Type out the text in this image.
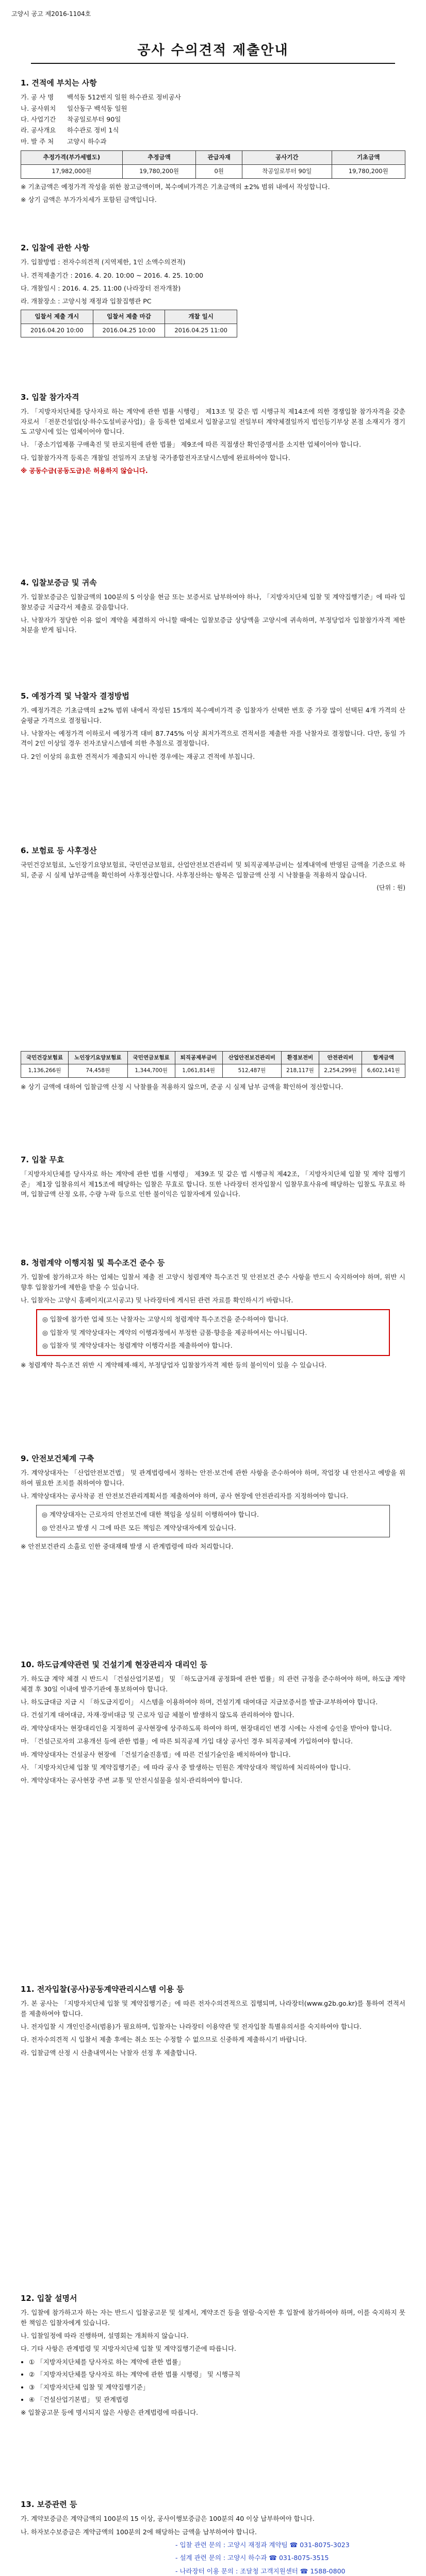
고양시 공고 제2016-1104호
공사 수의견적 제출안내
1. 견적에 부치는 사항
가. 공 사 명	백석동 512번지 일원 하수관로 정비공사
나. 공사위치	일산동구 백석동 일원
다. 사업기간	착공일로부터 90일
라. 공사개요	하수관로 정비 1식
마. 발 주 처	고양시 하수과
추정가격(부가세별도)	추정금액	관급자재	공사기간	기초금액
17,982,000원	19,780,200원	0원	착공일로부터 90일	19,780,200원

※ 기초금액은 예정가격 작성을 위한 참고금액이며, 복수예비가격은 기초금액의 ±2% 범위 내에서 작성합니다.

※ 상기 금액은 부가가치세가 포함된 금액입니다.

2. 입찰에 관한 사항

가. 입찰방법 : 전자수의견적 (지역제한, 1인 소액수의견적)

나. 견적제출기간 : 2016. 4. 20. 10:00 ~ 2016. 4. 25. 10:00

다. 개찰일시 : 2016. 4. 25. 11:00 (나라장터 전자개찰)

라. 개찰장소 : 고양시청 재정과 입찰집행관 PC

입찰서 제출 개시	입찰서 제출 마감	개찰 일시
2016.04.20 10:00	2016.04.25 10:00	2016.04.25 11:00
3. 입찰 참가자격

가. 「지방자치단체를 당사자로 하는 계약에 관한 법률 시행령」 제13조 및 같은 법 시행규칙 제14조에 의한 경쟁입찰 참가자격을 갖춘 자로서 「전문건설업(상·하수도설비공사업)」을 등록한 업체로서 입찰공고일 전일부터 계약체결일까지 법인등기부상 본점 소재지가 경기도 고양시에 있는 업체이어야 합니다.

나. 「중소기업제품 구매촉진 및 판로지원에 관한 법률」 제9조에 따른 직접생산 확인증명서를 소지한 업체이어야 합니다.

다. 입찰참가자격 등록은 개찰일 전일까지 조달청 국가종합전자조달시스템에 완료하여야 합니다.

※ 공동수급(공동도급)은 허용하지 않습니다.

4. 입찰보증금 및 귀속

가. 입찰보증금은 입찰금액의 100분의 5 이상을 현금 또는 보증서로 납부하여야 하나, 「지방자치단체 입찰 및 계약집행기준」에 따라 입찰보증금 지급각서 제출로 갈음합니다.

나. 낙찰자가 정당한 이유 없이 계약을 체결하지 아니할 때에는 입찰보증금 상당액을 고양시에 귀속하며, 부정당업자 입찰참가자격 제한 처분을 받게 됩니다.

5. 예정가격 및 낙찰자 결정방법

가. 예정가격은 기초금액의 ±2% 범위 내에서 작성된 15개의 복수예비가격 중 입찰자가 선택한 번호 중 가장 많이 선택된 4개 가격의 산술평균 가격으로 결정됩니다.

나. 낙찰자는 예정가격 이하로서 예정가격 대비 87.745% 이상 최저가격으로 견적서를 제출한 자를 낙찰자로 결정합니다. 다만, 동일 가격이 2인 이상일 경우 전자조달시스템에 의한 추첨으로 결정합니다.

다. 2인 이상의 유효한 견적서가 제출되지 아니한 경우에는 재공고 견적에 부칩니다.

6. 보험료 등 사후정산

국민건강보험료, 노인장기요양보험료, 국민연금보험료, 산업안전보건관리비 및 퇴직공제부금비는 설계내역에 반영된 금액을 기준으로 하되, 준공 시 실제 납부금액을 확인하여 사후정산합니다. 사후정산하는 항목은 입찰금액 산정 시 낙찰률을 적용하지 않습니다.

(단위 : 원)
국민건강보험료	노인장기요양보험료	국민연금보험료	퇴직공제부금비	산업안전보건관리비	환경보전비	안전관리비	합계금액
1,136,266원	74,458원	1,344,700원	1,061,814원	512,487원	218,117원	2,254,299원	6,602,141원

※ 상기 금액에 대하여 입찰금액 산정 시 낙찰률을 적용하지 않으며, 준공 시 실제 납부 금액을 확인하여 정산합니다.

7. 입찰 무효

「지방자치단체를 당사자로 하는 계약에 관한 법률 시행령」 제39조 및 같은 법 시행규칙 제42조, 「지방자치단체 입찰 및 계약 집행기준」 제1장 입찰유의서 제15조에 해당하는 입찰은 무효로 합니다. 또한 나라장터 전자입찰시 입찰무효사유에 해당하는 입찰도 무효로 하며, 입찰금액 산정 오류, 수량 누락 등으로 인한 불이익은 입찰자에게 있습니다.

8. 청렴계약 이행지침 및 특수조건 준수 등

가. 입찰에 참가하고자 하는 업체는 입찰서 제출 전 고양시 청렴계약 특수조건 및 안전보건 준수 사항을 반드시 숙지하여야 하며, 위반 시 향후 입찰참가에 제한을 받을 수 있습니다.

나. 입찰자는 고양시 홈페이지(고시공고) 및 나라장터에 게시된 관련 자료를 확인하시기 바랍니다.

◎ 입찰에 참가한 업체 또는 낙찰자는 고양시의 청렴계약 특수조건을 준수하여야 합니다.

◎ 입찰자 및 계약상대자는 계약의 이행과정에서 부정한 금품·향응을 제공하여서는 아니됩니다.

◎ 입찰자 및 계약상대자는 청렴계약 이행각서를 제출하여야 합니다.

※ 청렴계약 특수조건 위반 시 계약해제·해지, 부정당업자 입찰참가자격 제한 등의 불이익이 있을 수 있습니다.

9. 안전보건체계 구축

가. 계약상대자는 「산업안전보건법」 및 관계법령에서 정하는 안전·보건에 관한 사항을 준수하여야 하며, 작업장 내 안전사고 예방을 위하여 필요한 조치를 취하여야 합니다.

나. 계약상대자는 공사착공 전 안전보건관리계획서를 제출하여야 하며, 공사 현장에 안전관리자를 지정하여야 합니다.

◎ 계약상대자는 근로자의 안전보건에 대한 책임을 성실히 이행하여야 합니다.

◎ 안전사고 발생 시 그에 따른 모든 책임은 계약상대자에게 있습니다.

※ 안전보건관리 소홀로 인한 중대재해 발생 시 관계법령에 따라 처리합니다.

10. 하도급계약관련 및 건설기계 현장관리자 대리인 등

가. 하도급 계약 체결 시 반드시 「건설산업기본법」 및 「하도급거래 공정화에 관한 법률」의 관련 규정을 준수하여야 하며, 하도급 계약 체결 후 30일 이내에 발주기관에 통보하여야 합니다.

나. 하도급대금 지급 시 「하도급지킴이」 시스템을 이용하여야 하며, 건설기계 대여대금 지급보증서를 발급·교부하여야 합니다.

다. 건설기계 대여대금, 자재·장비대금 및 근로자 임금 체불이 발생하지 않도록 관리하여야 합니다.

라. 계약상대자는 현장대리인을 지정하여 공사현장에 상주하도록 하여야 하며, 현장대리인 변경 시에는 사전에 승인을 받아야 합니다.

마. 「건설근로자의 고용개선 등에 관한 법률」에 따른 퇴직공제 가입 대상 공사인 경우 퇴직공제에 가입하여야 합니다.

바. 계약상대자는 건설공사 현장에 「건설기술진흥법」에 따른 건설기술인을 배치하여야 합니다.

사. 「지방자치단체 입찰 및 계약집행기준」에 따라 공사 중 발생하는 민원은 계약상대자 책임하에 처리하여야 합니다.

아. 계약상대자는 공사현장 주변 교통 및 안전시설물을 설치·관리하여야 합니다.

11. 전자입찰(공사)공동계약관리시스템 이용 등

가. 본 공사는 「지방자치단체 입찰 및 계약집행기준」에 따른 전자수의견적으로 집행되며, 나라장터(www.g2b.go.kr)를 통하여 견적서를 제출하여야 합니다.

나. 전자입찰 시 개인인증서(범용)가 필요하며, 입찰자는 나라장터 이용약관 및 전자입찰 특별유의서를 숙지하여야 합니다.

다. 전자수의견적 시 입찰서 제출 후에는 취소 또는 수정할 수 없으므로 신중하게 제출하시기 바랍니다.

라. 입찰금액 산정 시 산출내역서는 낙찰자 선정 후 제출합니다.

12. 입찰 설명서

가. 입찰에 참가하고자 하는 자는 반드시 입찰공고문 및 설계서, 계약조건 등을 열람·숙지한 후 입찰에 참가하여야 하며, 이를 숙지하지 못한 책임은 입찰자에게 있습니다.

나. 입찰일정에 따라 진행하며, 설명회는 개최하지 않습니다.

다. 기타 사항은 관계법령 및 지방자치단체 입찰 및 계약집행기준에 따릅니다.

• ① 「지방자치단체를 당사자로 하는 계약에 관한 법률」
• ② 「지방자치단체를 당사자로 하는 계약에 관한 법률 시행령」 및 시행규칙
• ③ 「지방자치단체 입찰 및 계약집행기준」
• ④ 「건설산업기본법」 및 관계법령

※ 입찰공고문 등에 명시되지 않은 사항은 관계법령에 따릅니다.

13. 보증관련 등

가. 계약보증금은 계약금액의 100분의 15 이상, 공사이행보증금은 100분의 40 이상 납부하여야 합니다.

나. 하자보수보증금은 계약금액의 100분의 2에 해당하는 금액을 납부하여야 합니다.

- 입찰 관련 문의 : 고양시 재정과 계약팀 ☎ 031-8075-3023

- 설계 관련 문의 : 고양시 하수과 ☎ 031-8075-3515

- 나라장터 이용 문의 : 조달청 고객지원센터 ☎ 1588-0800
